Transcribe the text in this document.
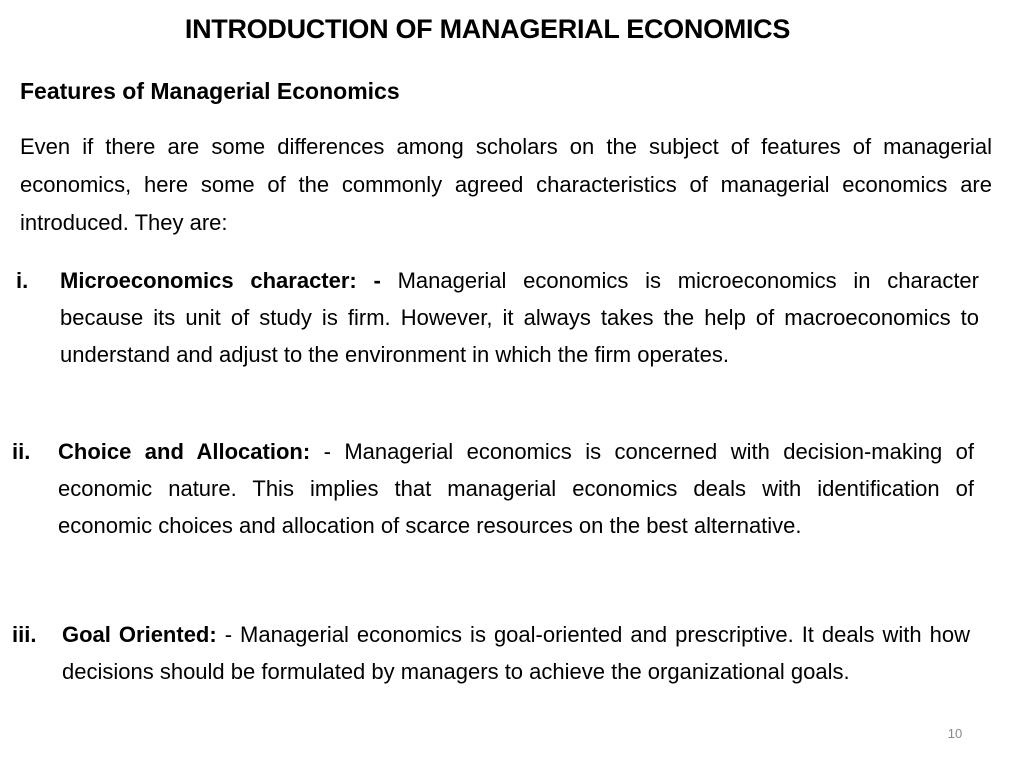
INTRODUCTION OF MANAGERIAL ECONOMICS
Features of Managerial Economics
Even if there are some differences among scholars on the subject of features of managerial economics, here some of the commonly agreed characteristics of managerial economics are introduced. They are:
i.	Microeconomics character: - Managerial economics is microeconomics in character because its unit of study is firm. However, it always takes the help of macroeconomics to understand and adjust to the environment in which the firm operates.
ii.	Choice and Allocation: - Managerial economics is concerned with decision-making of economic nature. This implies that managerial economics deals with identification of economic choices and allocation of scarce resources on the best alternative.
iii.	Goal Oriented: - Managerial economics is goal-oriented and prescriptive. It deals with how decisions should be formulated by managers to achieve the organizational goals.
10
